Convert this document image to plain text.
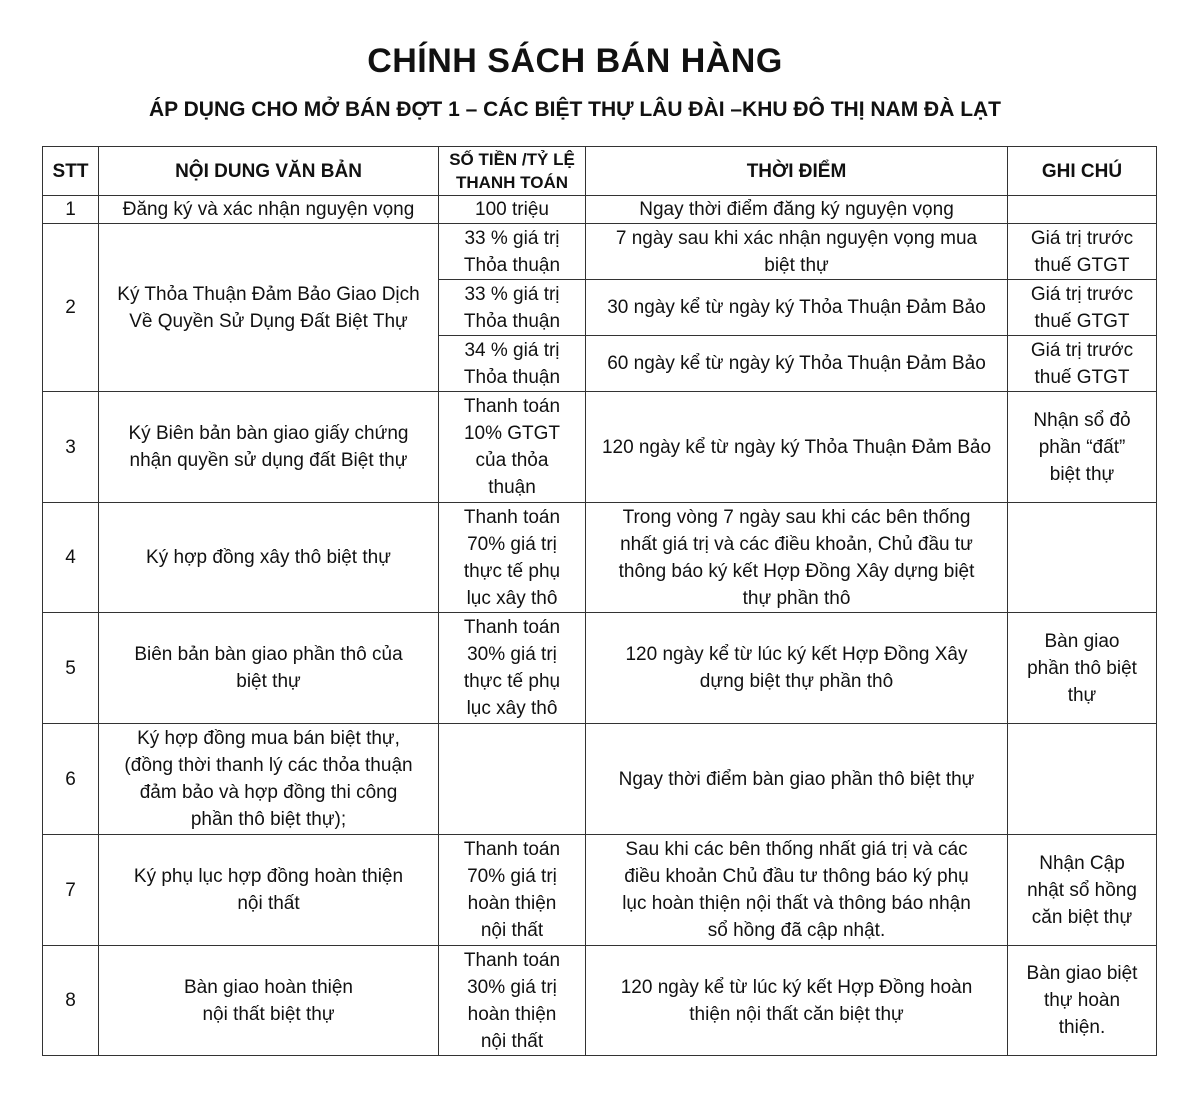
CHÍNH SÁCH BÁN HÀNG
ÁP DỤNG CHO MỞ BÁN ĐỢT 1 – CÁC BIỆT THỰ LÂU ĐÀI –KHU ĐÔ THỊ NAM ĐÀ LẠT
STT	NỘI DUNG VĂN BẢN	SỐ TIỀN /TỶ LỆ
THANH TOÁN	THỜI ĐIỂM	GHI CHÚ
1	Đăng ký và xác nhận nguyện vọng	100 triệu	Ngay thời điểm đăng ký nguyện vọng	

2	Ký Thỏa Thuận Đảm Bảo Giao Dịch
Về Quyền Sử Dụng Đất Biệt Thự	33 % giá trị
Thỏa thuận	7 ngày sau khi xác nhận nguyện vọng mua
biệt thự	Giá trị trước
thuế GTGT

		33 % giá trị
Thỏa thuận	30 ngày kể từ ngày ký Thỏa Thuận Đảm Bảo	Giá trị trước
thuế GTGT

		34 % giá trị
Thỏa thuận	60 ngày kể từ ngày ký Thỏa Thuận Đảm Bảo	Giá trị trước
thuế GTGT

3	Ký Biên bản bàn giao giấy chứng
nhận quyền sử dụng đất Biệt thự	Thanh toán
10% GTGT
của thỏa
thuận	120 ngày kể từ ngày ký Thỏa Thuận Đảm Bảo	Nhận sổ đỏ
phần “đất”
biệt thự

4	Ký hợp đồng xây thô biệt thự	Thanh toán
70% giá trị
thực tế phụ
lục xây thô	Trong vòng 7 ngày sau khi các bên thống
nhất giá trị và các điều khoản, Chủ đầu tư
thông báo ký kết Hợp Đồng Xây dựng biệt
thự phần thô	

5	Biên bản bàn giao phần thô của
biệt thự	Thanh toán
30% giá trị
thực tế phụ
lục xây thô	120 ngày kể từ lúc ký kết Hợp Đồng Xây
dựng biệt thự phần thô	Bàn giao
phần thô biệt
thự

6	Ký hợp đồng mua bán biệt thự,
(đồng thời thanh lý các thỏa thuận
đảm bảo và hợp đồng thi công
phần thô biệt thự);		Ngay thời điểm bàn giao phần thô biệt thự	

7	Ký phụ lục hợp đồng hoàn thiện
nội thất	Thanh toán
70% giá trị
hoàn thiện
nội thất	Sau khi các bên thống nhất giá trị và các
điều khoản Chủ đầu tư thông báo ký phụ
lục hoàn thiện nội thất và thông báo nhận
sổ hồng đã cập nhật.	Nhận Cập
nhật sổ hồng
căn biệt thự

8	Bàn giao hoàn thiện
nội thất biệt thự	Thanh toán
30% giá trị
hoàn thiện
nội thất	120 ngày kể từ lúc ký kết Hợp Đồng hoàn
thiện nội thất căn biệt thự	Bàn giao biệt
thự hoàn
thiện.
